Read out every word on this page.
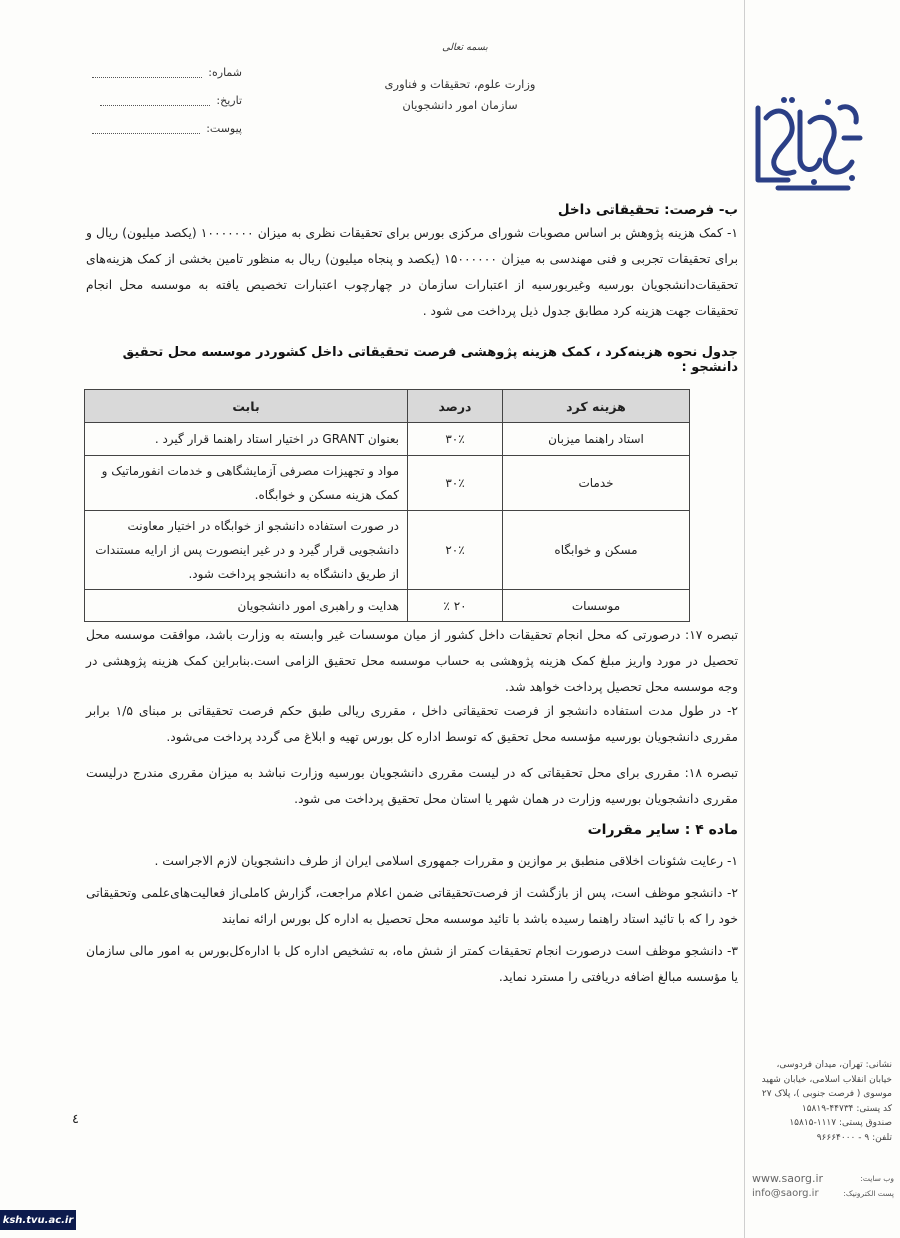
شماره:
تاریخ:
پیوست:
بسمه تعالی
وزارت علوم، تحقیقات و فناوری
سازمان امور دانشجویان
ب- فرصت: تحقیقاتی داخل
۱- کمک هزینه پژوهش بر اساس مصوبات شورای مرکزی بورس برای تحقیقات نظری به میزان ۱۰۰۰۰۰۰۰ (یکصد میلیون) ریال و برای تحقیقات تجربی و فنی مهندسی به میزان ۱۵۰۰۰۰۰۰ (یکصد و پنجاه میلیون) ریال به منظور تامین بخشی از کمک هزینه‌های تحقیقات‌دانشجویان بورسیه وغیربورسیه از اعتبارات سازمان در چهارچوب اعتبارات تخصیص یافته به موسسه محل انجام تحقیقات جهت هزینه کرد مطابق جدول ذیل پرداخت می شود .
جدول نحوه هزینه‌کرد ، کمک هزینه پژوهشی فرصت تحقیقاتی داخل کشوردر موسسه محل تحقیق دانشجو :
هزینه کرد	درصد	بابت
استاد راهنما میزبان	۳۰٪	بعنوان GRANT در اختیار استاد راهنما قرار گیرد .
خدمات	۳۰٪	مواد و تجهیزات مصرفی آزمایشگاهی و خدمات انفورماتیک و کمک هزینه مسکن و خوابگاه.
مسکن و خوابگاه	۲۰٪	در صورت استفاده دانشجو از خوابگاه در اختیار معاونت دانشجویی قرار گیرد و در غیر اینصورت پس از ارایه مستندات از طریق دانشگاه به دانشجو پرداخت شود.
موسسات	۲۰ ٪	هدایت و راهبری امور دانشجویان
تبصره ۱۷: درصورتی که محل انجام تحقیقات داخل کشور از میان موسسات غیر وابسته به وزارت باشد، موافقت موسسه محل تحصیل در مورد واریز مبلغ کمک هزینه پژوهشی به حساب موسسه محل تحقیق الزامی است.بنابراین کمک هزینه پژوهشی در وجه موسسه محل تحصیل پرداخت خواهد شد.
۲- در طول مدت استفاده دانشجو از فرصت تحقیقاتی داخل ، مقرری ریالی طبق حکم فرصت تحقیقاتی بر مبنای ۱/۵ برابر مقرری دانشجویان بورسیه مؤسسه محل تحقیق که توسط اداره کل بورس تهیه و ابلاغ می گردد پرداخت می‌شود.
تبصره ۱۸: مقرری برای محل تحقیقاتی که در لیست مقرری دانشجویان بورسیه وزارت نباشد به میزان مقرری مندرج درلیست مقرری دانشجویان بورسیه وزارت در همان شهر یا استان محل تحقیق پرداخت می شود.
ماده ۴ : سایر مقررات
۱- رعایت شئونات اخلاقی منطبق بر موازین و مقررات جمهوری اسلامی ایران از طرف دانشجویان لازم الاجراست .
۲- دانشجو موظف است، پس از بازگشت از فرصت‌تحقیقاتی ضمن اعلام مراجعت، گزارش کاملی‌از فعالیت‌های‌علمی وتحقیقاتی خود را که با تائید استاد راهنما رسیده باشد با تائید موسسه محل تحصیل به اداره کل بورس ارائه نمایند
۳- دانشجو موظف است درصورت انجام تحقیقات کمتر از شش ماه، به تشخیص اداره کل با اداره‌کل‌بورس به امور مالی سازمان یا مؤسسه مبالغ اضافه دریافتی را مسترد نماید.
٤
نشانی: تهران، میدان فردوسی،
خیابان انقلاب اسلامی، خیابان شهید
موسوی ( فرصت جنوبی )، پلاک ۲۷
کد پستی: ۴۴۷۳۴-۱۵۸۱۹
صندوق پستی: ۱۱۱۷-۱۵۸۱۵
تلفن: ۹ - ۹۶۶۶۴۰۰۰
www.saorg.ir	وب سایت:
info@saorg.ir	پست الکترونیک:
ksh.tvu.ac.ir
